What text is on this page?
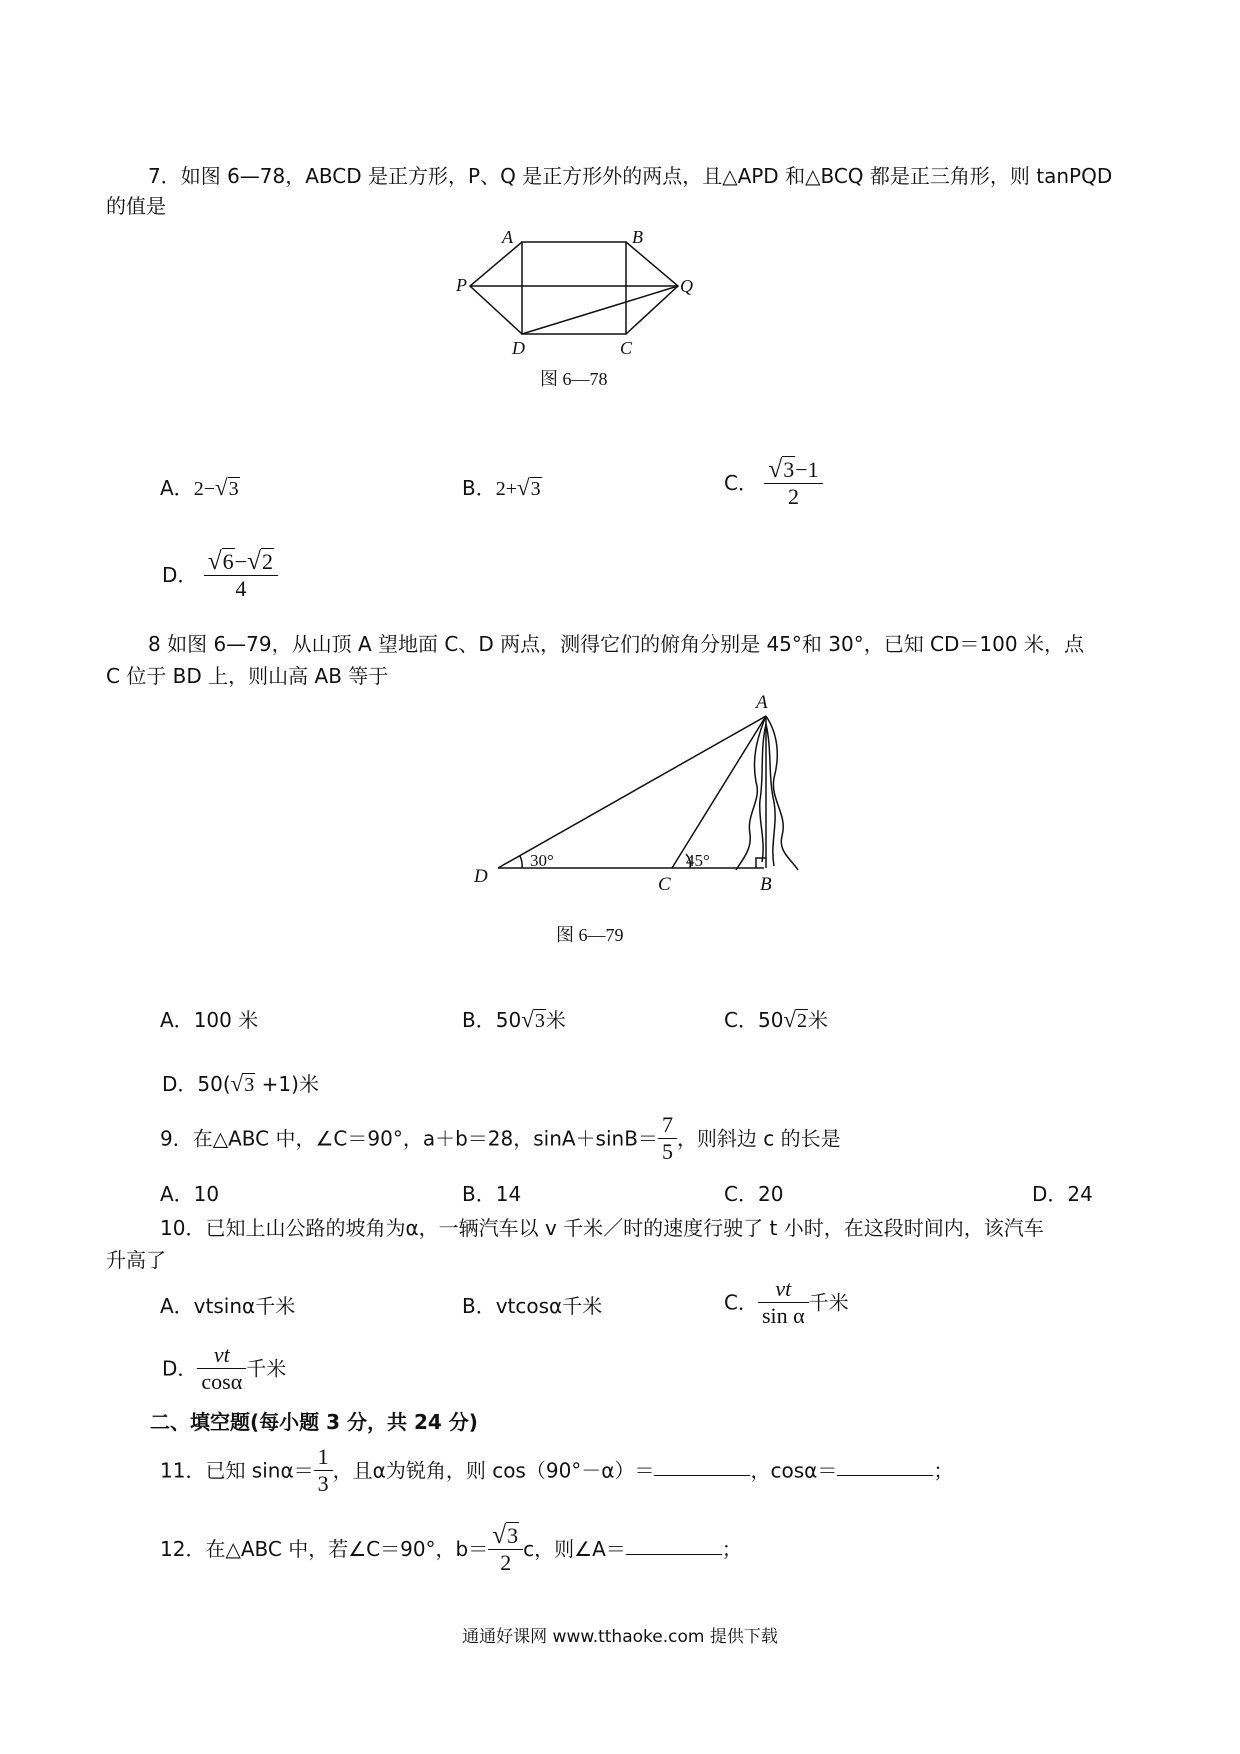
7．如图 6—78，ABCD 是正方形，P、Q 是正方形外的两点，且△APD 和△BCQ 都是正三角形，则 tanPQD
的值是
A	B
P	Q
D	C
图 6—78
A．2−√3	B．2+√3	C． $\frac{√3-1}{2}$
D． $\frac{√6-√2}{4}$
8 如图 6—79，从山顶 A 望地面 C、D 两点，测得它们的俯角分别是 45°和 30°，已知 CD＝100 米，点
C 位于 BD 上，则山高 AB 等于
A
D	C	B
30°	45°
图 6—79
A．100 米	B．50√3米	C．50√2米
D．50(√3 +1)米
9．在△ABC 中，∠C＝90°，a＋b＝28，$\sin A+\sin B= \frac{7}{5}$ ，则斜边 c 的长是
A．10	B．14	C．20	D．24
10．已知上山公路的坡角为α，一辆汽车以 v 千米／时的速度行驶了 t 小时，在这段时间内，该汽车
升高了
A．vtsinα千米	B．vtcosα千米	C． $\frac{vt}{\text{sin α}}$ 千米
D． $\frac{vt}{\cos\alpha}$ 千米
二、填空题(每小题 3 分，共 24 分)
11．已知 $\sin\alpha= \frac{1}{3}$ ，且α为锐角，则 cos（90°－α）＝	，cosα＝	；
12．在△ABC 中，若∠C＝90°，$b= \frac{√3}{2}$ c，则∠A＝	；
通通好课网 www.tthaoke.com 提供下载
